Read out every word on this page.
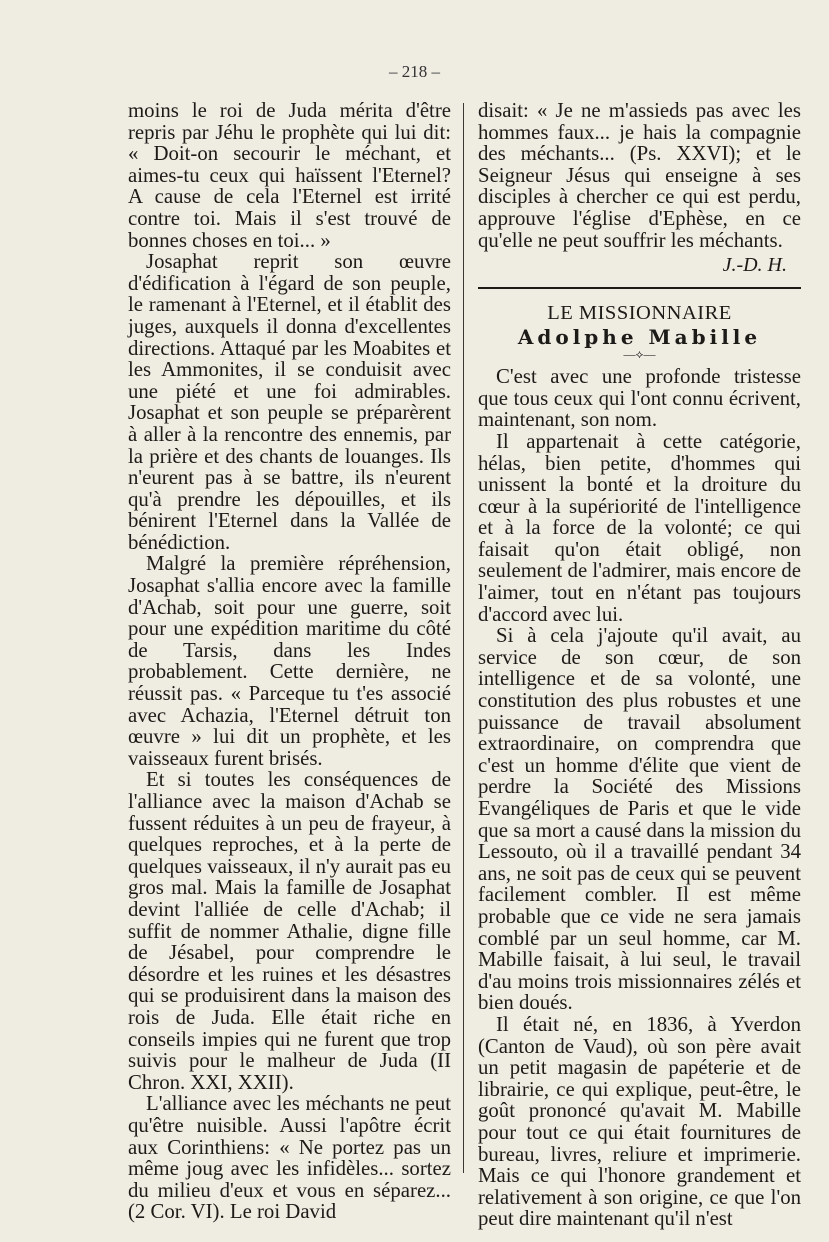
– 218 –

moins le roi de Juda mérita d'être repris par Jéhu le prophète qui lui dit: « Doit-on secourir le méchant, et aimes-tu ceux qui haïssent l'Eternel? A cause de cela l'Eternel est irrité contre toi. Mais il s'est trouvé de bonnes choses en toi... »

Josaphat reprit son œuvre d'édification à l'égard de son peuple, le ramenant à l'Eternel, et il établit des juges, auxquels il donna d'excellentes directions. Attaqué par les Moabites et les Ammonites, il se conduisit avec une piété et une foi admirables. Josaphat et son peuple se préparèrent à aller à la rencontre des ennemis, par la prière et des chants de louanges. Ils n'eurent pas à se battre, ils n'eurent qu'à prendre les dépouilles, et ils bénirent l'Eternel dans la Vallée de bénédiction.

Malgré la première répréhension, Josaphat s'allia encore avec la famille d'Achab, soit pour une guerre, soit pour une expédition maritime du côté de Tarsis, dans les Indes probablement. Cette dernière, ne réussit pas. « Parceque tu t'es associé avec Achazia, l'Eternel détruit ton œuvre » lui dit un prophète, et les vaisseaux furent brisés.

Et si toutes les conséquences de l'alliance avec la maison d'Achab se fussent réduites à un peu de frayeur, à quelques reproches, et à la perte de quelques vaisseaux, il n'y aurait pas eu gros mal. Mais la famille de Josaphat devint l'alliée de celle d'Achab; il suffit de nommer Athalie, digne fille de Jésabel, pour comprendre le désordre et les ruines et les désastres qui se produisirent dans la maison des rois de Juda. Elle était riche en conseils impies qui ne furent que trop suivis pour le malheur de Juda (II Chron. XXI, XXII).

L'alliance avec les méchants ne peut qu'être nuisible. Aussi l'apôtre écrit aux Corinthiens: « Ne portez pas un même joug avec les infidèles... sortez du milieu d'eux et vous en séparez... (2 Cor. VI). Le roi David

disait: « Je ne m'assieds pas avec les hommes faux... je hais la compagnie des méchants... (Ps. XXVI); et le Seigneur Jésus qui enseigne à ses disciples à chercher ce qui est perdu, approuve l'église d'Ephèse, en ce qu'elle ne peut souffrir les méchants.

J.-D. H.
LE MISSIONNAIRE
Adolphe Mabille
—⟡—

C'est avec une profonde tristesse que tous ceux qui l'ont connu écrivent, maintenant, son nom.

Il appartenait à cette catégorie, hélas, bien petite, d'hommes qui unissent la bonté et la droiture du cœur à la supériorité de l'intelligence et à la force de la volonté; ce qui faisait qu'on était obligé, non seulement de l'admirer, mais encore de l'aimer, tout en n'étant pas toujours d'accord avec lui.

Si à cela j'ajoute qu'il avait, au service de son cœur, de son intelligence et de sa volonté, une constitution des plus robustes et une puissance de travail absolument extraordinaire, on comprendra que c'est un homme d'élite que vient de perdre la Société des Missions Evangéliques de Paris et que le vide que sa mort a causé dans la mission du Lessouto, où il a travaillé pendant 34 ans, ne soit pas de ceux qui se peuvent facilement combler. Il est même probable que ce vide ne sera jamais comblé par un seul homme, car M. Mabille faisait, à lui seul, le travail d'au moins trois missionnaires zélés et bien doués.

Il était né, en 1836, à Yverdon (Canton de Vaud), où son père avait un petit magasin de papéterie et de librairie, ce qui explique, peut-être, le goût prononcé qu'avait M. Mabille pour tout ce qui était fournitures de bureau, livres, reliure et imprimerie. Mais ce qui l'honore grandement et relativement à son origine, ce que l'on peut dire maintenant qu'il n'est
